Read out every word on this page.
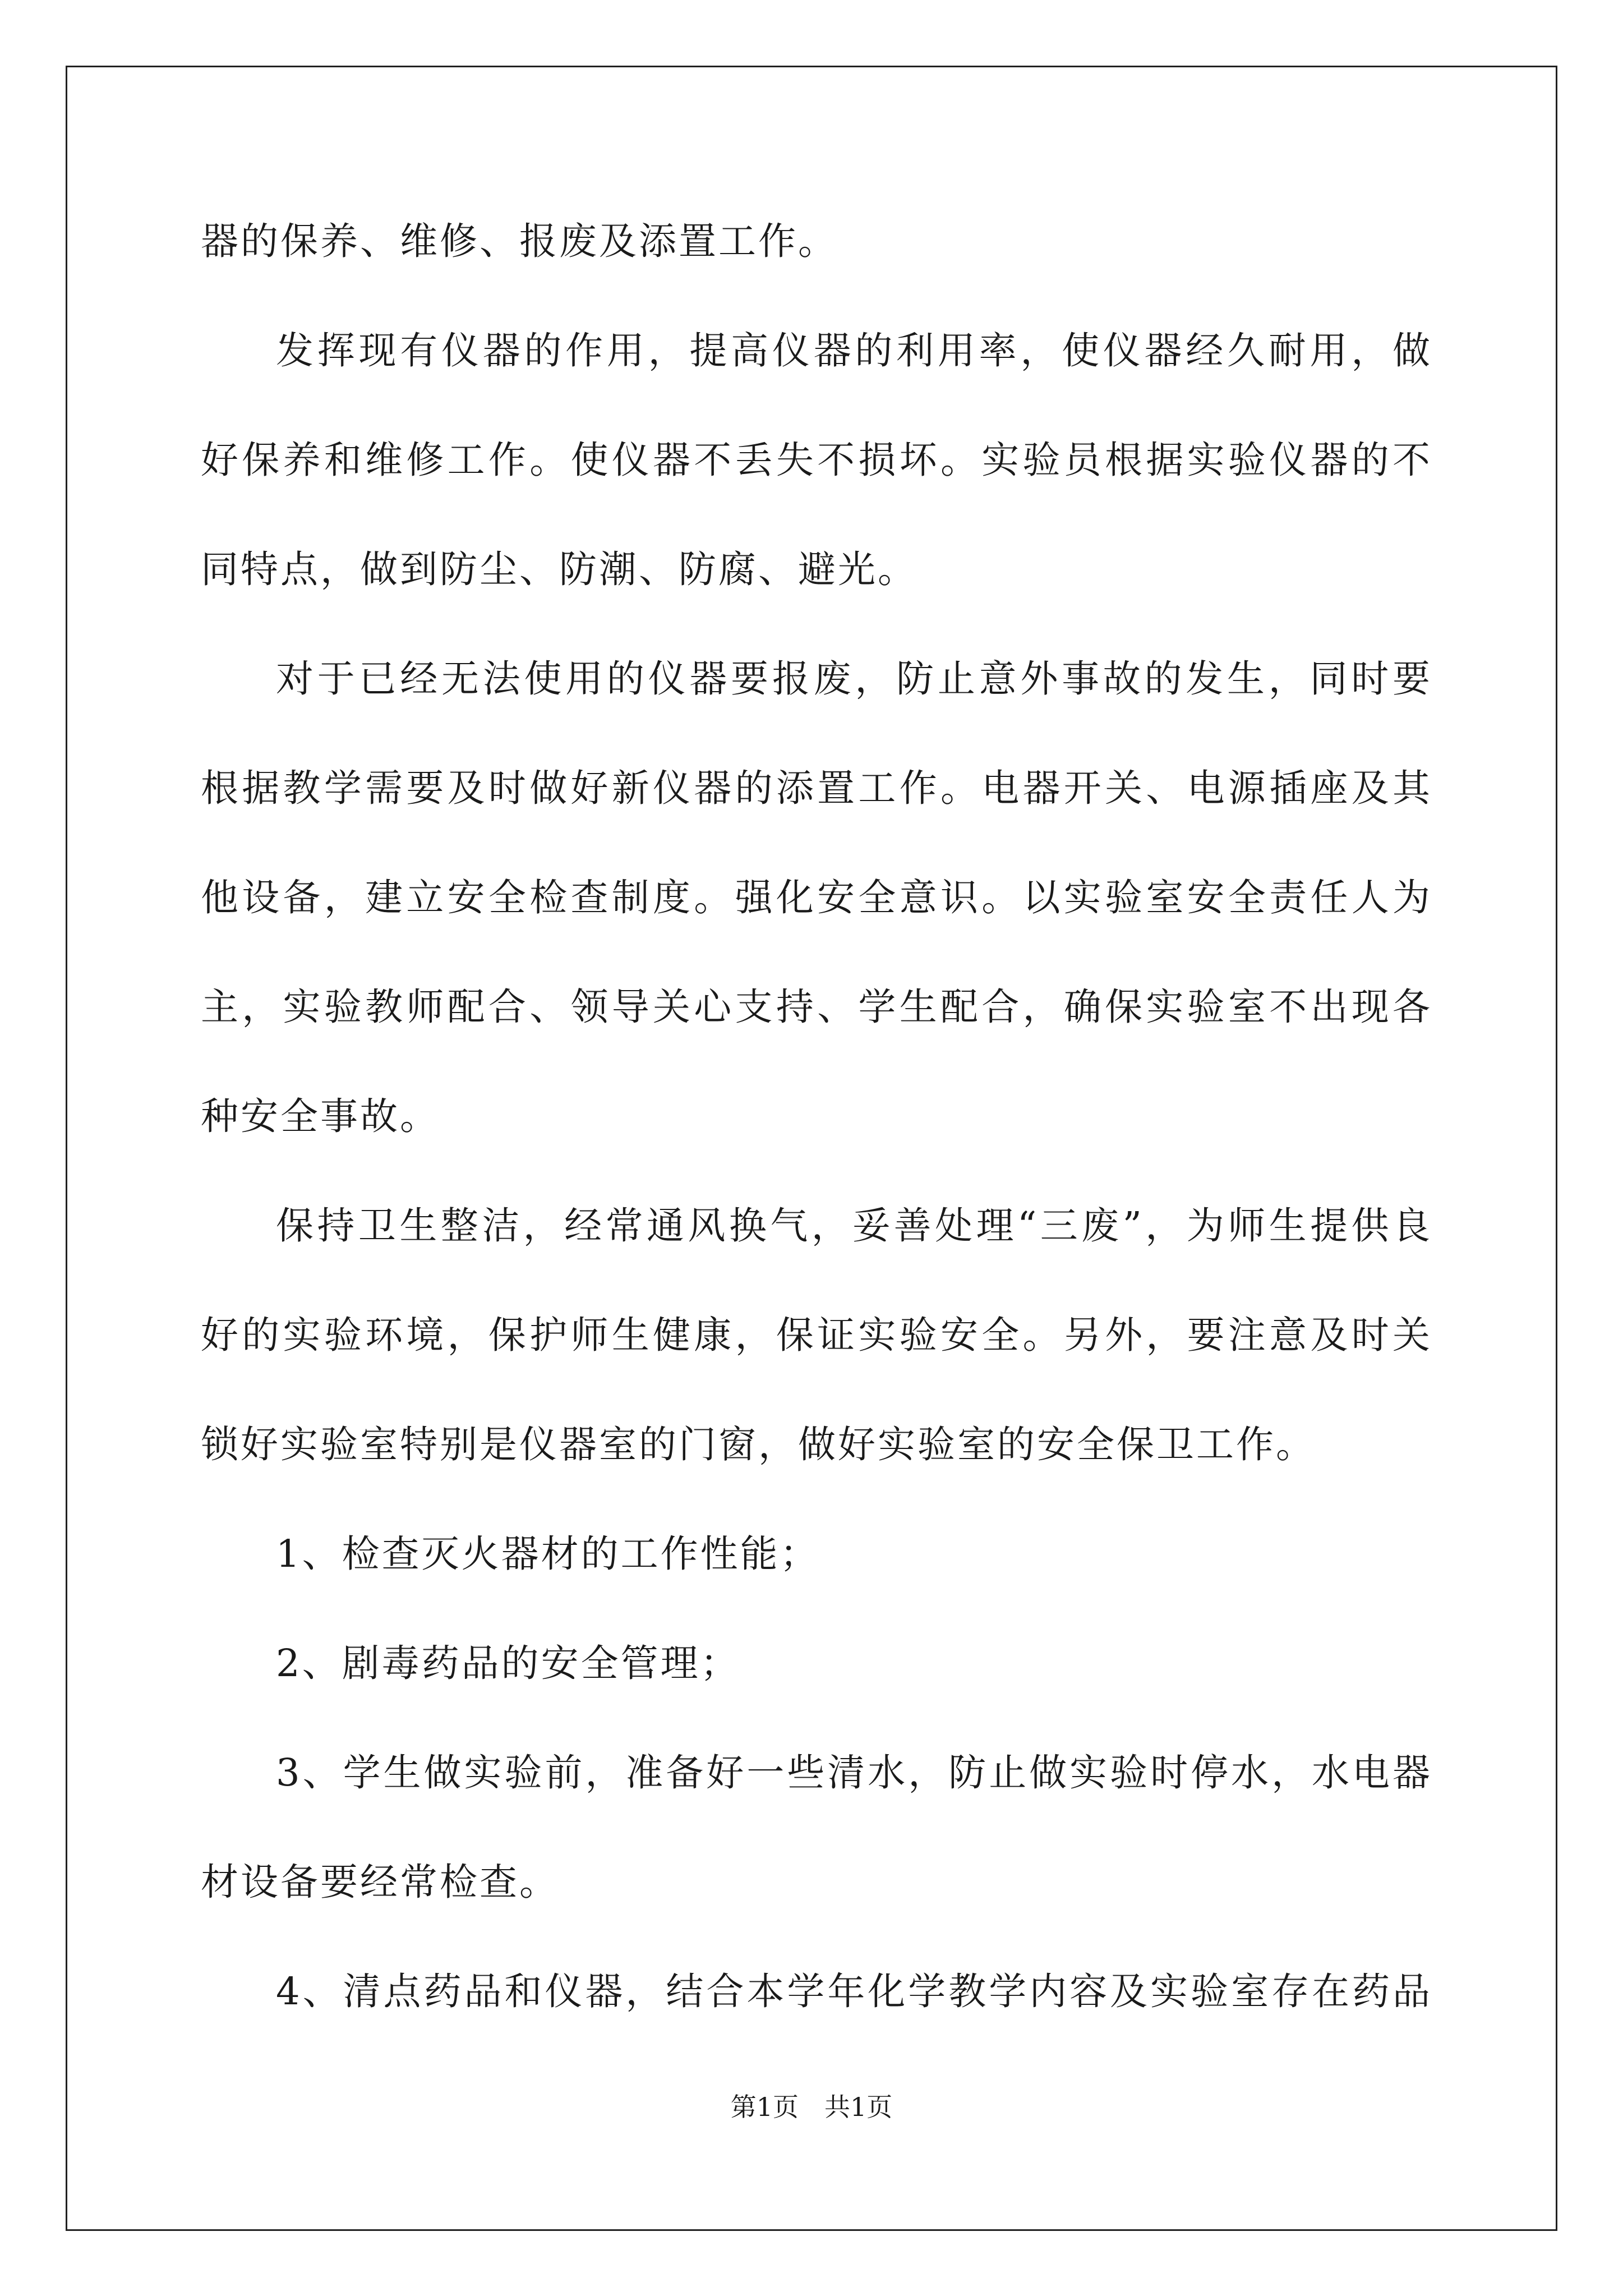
器的保养、维修、报废及添置工作。
发挥现有仪器的作用，提高仪器的利用率，使仪器经久耐用，做
好保养和维修工作。使仪器不丢失不损坏。实验员根据实验仪器的不
同特点，做到防尘、防潮、防腐、避光。
对于已经无法使用的仪器要报废，防止意外事故的发生，同时要
根据教学需要及时做好新仪器的添置工作。电器开关、电源插座及其
他设备，建立安全检查制度。强化安全意识。以实验室安全责任人为
主，实验教师配合、领导关心支持、学生配合，确保实验室不出现各
种安全事故。
保持卫生整洁，经常通风换气，妥善处理“三废”，为师生提供良
好的实验环境，保护师生健康，保证实验安全。另外，要注意及时关
锁好实验室特别是仪器室的门窗，做好实验室的安全保卫工作。
1、检查灭火器材的工作性能；
2、剧毒药品的安全管理；
3、学生做实验前，准备好一些清水，防止做实验时停水，水电器
材设备要经常检查。
4、清点药品和仪器，结合本学年化学教学内容及实验室存在药品
第1页 共1页
